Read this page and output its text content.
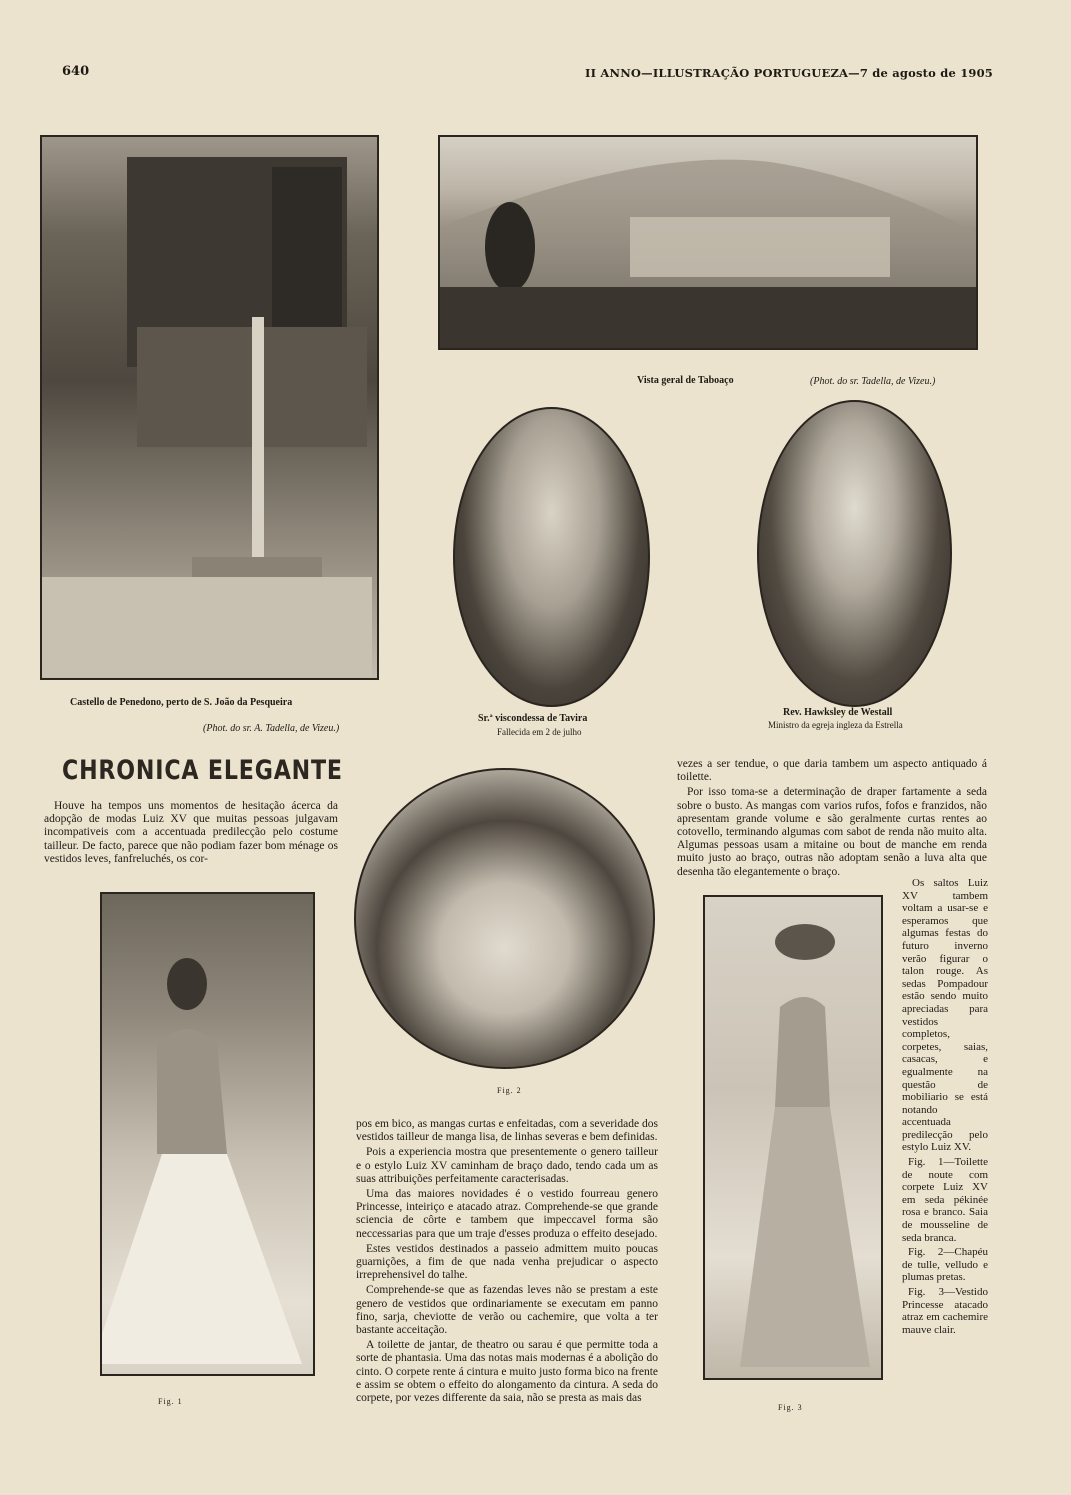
640	II ANNO—ILLUSTRAÇÃO PORTUGUEZA—7 de agosto de 1905
Castello de Penedono, perto de S. João da Pesqueira
(Phot. do sr. A. Tadella, de Vizeu.)
Vista geral de Taboaço	(Phot. do sr. Tadella, de Vizeu.)
Sr.ª viscondessa de Tavira
Fallecida em 2 de julho
Rev. Hawksley de Westall
Ministro da egreja ingleza da Estrella
CHRONICA ELEGANTE

Houve ha tempos uns momentos de hesitação ácerca da adopção de modas Luiz XV que muitas pessoas julgavam incompativeis com a accentuada predilecção pelo costume tailleur. De facto, parece que não podiam fazer bom ménage os vestidos leves, fanfreluchés, os cor-

Fig. 1
Fig. 2
Fig. 3

pos em bico, as mangas curtas e enfeitadas, com a severidade dos vestidos tailleur de manga lisa, de linhas severas e bem definidas.

Pois a experiencia mostra que presentemente o genero tailleur e o estylo Luiz XV caminham de braço dado, tendo cada um as suas attribuições perfeitamente caracterisadas.

Uma das maiores novidades é o vestido fourreau genero Princesse, inteiriço e atacado atraz. Comprehende-se que grande sciencia de côrte e tambem que impeccavel forma são neccessarias para que um traje d'esses produza o effeito desejado.

Estes vestidos destinados a passeio admittem muito poucas guarnições, a fim de que nada venha prejudicar o aspecto irreprehensivel do talhe.

Comprehende-se que as fazendas leves não se prestam a este genero de vestidos que ordinariamente se executam em panno fino, sarja, cheviotte de verão ou cachemire, que volta a ter bastante acceitação.

A toilette de jantar, de theatro ou sarau é que permitte toda a sorte de phantasia. Uma das notas mais modernas é a abolição do cinto. O corpete rente á cintura e muito justo forma bico na frente e assim se obtem o effeito do alongamento da cintura. A seda do corpete, por vezes differente da saia, não se presta as mais das

vezes a ser tendue, o que daria tambem um aspecto antiquado á toilette.

Por isso toma-se a determinação de draper fartamente a seda sobre o busto. As mangas com varios rufos, fofos e franzidos, não apresentam grande volume e são geralmente curtas rentes ao cotovello, terminando algumas com sabot de renda não muito alta. Algumas pessoas usam a mitaine ou bout de manche em renda muito justo ao braço, outras não adoptam senão a luva alta que desenha tão elegantemente o braço.

Os saltos Luiz XV tambem voltam a usar-se e esperamos que algumas festas do futuro inverno verão figurar o talon rouge. As sedas Pompadour estão sendo muito apreciadas para vestidos completos, corpetes, saias, casacas, e egualmente na questão de mobiliario se está notando accentuada predilecção pelo estylo Luiz XV.

Fig. 1—Toilette de noute com corpete Luiz XV em seda pékinée rosa e branco. Saia de mousseline de seda branca.

Fig. 2—Chapéu de tulle, velludo e plumas pretas.

Fig. 3—Vestido Princesse atacado atraz em cachemire mauve clair.
